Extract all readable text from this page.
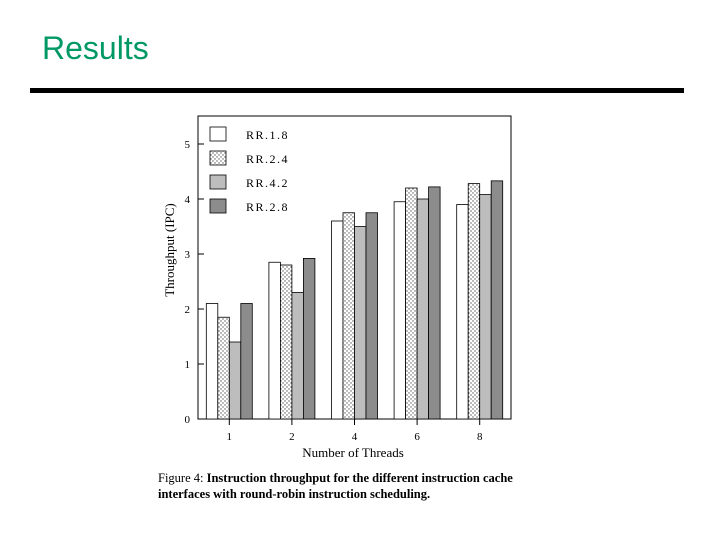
Results
0
1
2
3
4
5
1	2	4	6	8
RR.1.8
RR.2.4
RR.4.2
RR.2.8
Throughput (IPC)
Number of Threads
Figure 4: Instruction throughput for the different instruction cache interfaces with round-robin instruction scheduling.
